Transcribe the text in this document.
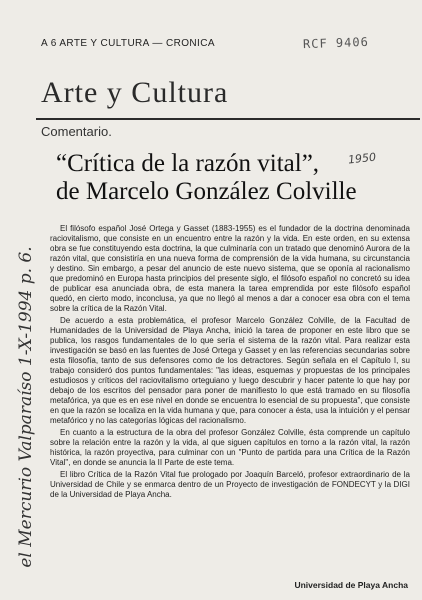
A 6 ARTE Y CULTURA — CRONICA	RCF 9406
Arte y Cultura
Comentario.
1950
“Crítica de la razón vital”,
de Marcelo González Colville
el Mercurio Valparaíso 1-X-1994 p. 6.

El filósofo español José Ortega y Gasset (1883-1955) es el fundador de la doctrina denominada raciovitalismo, que consiste en un encuentro entre la razón y la vida. En este orden, en su extensa obra se fue constituyendo esta doctrina, la que culminaría con un tratado que denominó Aurora de la razón vital, que consistiría en una nueva forma de comprensión de la vida humana, su circunstancia y destino. Sin embargo, a pesar del anuncio de este nuevo sistema, que se oponía al racionalismo que predominó en Europa hasta principios del presente siglo, el filósofo español no concretó su idea de publicar esa anunciada obra, de esta manera la tarea emprendida por este filósofo español quedó, en cierto modo, inconclusa, ya que no llegó al menos a dar a conocer esa obra con el tema sobre la crítica de la Razón Vital.

De acuerdo a esta problemática, el profesor Marcelo González Colville, de la Facultad de Humanidades de la Universidad de Playa Ancha, inició la tarea de proponer en este libro que se publica, los rasgos fundamentales de lo que sería el sistema de la razón vital. Para realizar esta investigación se basó en las fuentes de José Ortega y Gasset y en las referencias secundarias sobre esta filosofía, tanto de sus defensores como de los detractores. Según señala en el Capítulo I, su trabajo consideró dos puntos fundamentales: "las ideas, esquemas y propuestas de los principales estudiosos y críticos del raciovitalismo orteguiano y luego descubrir y hacer patente lo que hay por debajo de los escritos del pensador para poner de manifiesto lo que está tramado en su filosofía metafórica, ya que es en ese nivel en donde se encuentra lo esencial de su propuesta", que consiste en que la razón se localiza en la vida humana y que, para conocer a ésta, usa la intuición y el pensar metafórico y no las categorías lógicas del racionalismo.

En cuanto a la estructura de la obra del profesor González Colville, ésta comprende un capítulo sobre la relación entre la razón y la vida, al que siguen capítulos en torno a la razón vital, la razón histórica, la razón proyectiva, para culminar con un "Punto de partida para una Crítica de la Razón Vital", en donde se anuncia la II Parte de este tema.

El libro Crítica de la Razón Vital fue prologado por Joaquín Barceló, profesor extraordinario de la Universidad de Chile y se enmarca dentro de un Proyecto de investigación de FONDECYT y la DIGI de la Universidad de Playa Ancha.

Universidad de Playa Ancha
